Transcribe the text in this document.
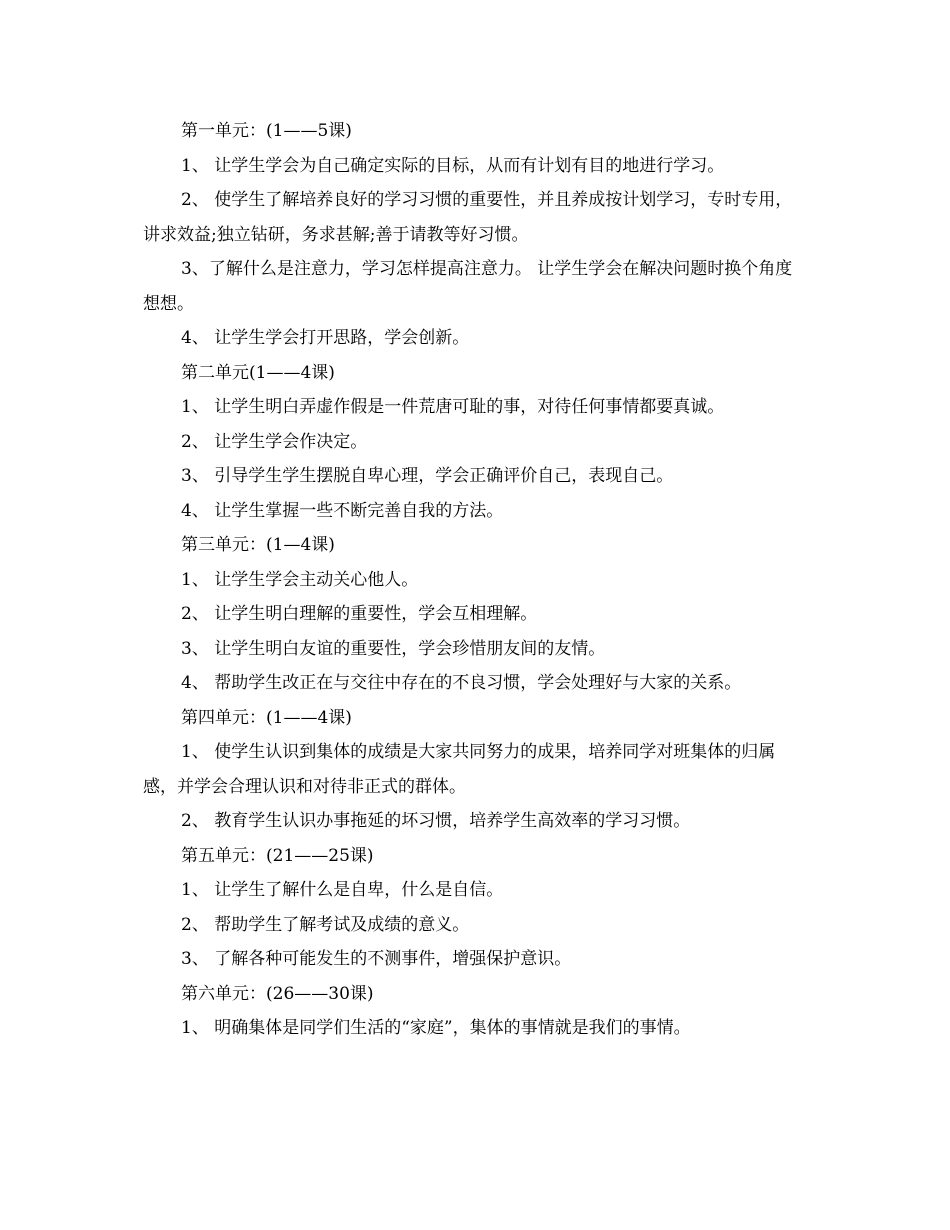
第一单元：(1——5课)

1、 让学生学会为自己确定实际的目标，从而有计划有目的地进行学习。

2、 使学生了解培养良好的学习习惯的重要性，并且养成按计划学习，专时专用，讲求效益;独立钻研，务求甚解;善于请教等好习惯。

3、了解什么是注意力，学习怎样提高注意力。 让学生学会在解决问题时换个角度想想。

4、 让学生学会打开思路，学会创新。

第二单元(1——4课)

1、 让学生明白弄虚作假是一件荒唐可耻的事，对待任何事情都要真诚。

2、 让学生学会作决定。

3、 引导学生学生摆脱自卑心理，学会正确评价自己，表现自己。

4、 让学生掌握一些不断完善自我的方法。

第三单元：(1—4课)

1、 让学生学会主动关心他人。

2、 让学生明白理解的重要性，学会互相理解。

3、 让学生明白友谊的重要性，学会珍惜朋友间的友情。

4、 帮助学生改正在与交往中存在的不良习惯，学会处理好与大家的关系。

第四单元：(1——4课)

1、 使学生认识到集体的成绩是大家共同努力的成果，培养同学对班集体的归属感，并学会合理认识和对待非正式的群体。

2、 教育学生认识办事拖延的坏习惯，培养学生高效率的学习习惯。

第五单元：(21——25课)

1、 让学生了解什么是自卑，什么是自信。

2、 帮助学生了解考试及成绩的意义。

3、 了解各种可能发生的不测事件，增强保护意识。

第六单元：(26——30课)

1、 明确集体是同学们生活的“家庭”，集体的事情就是我们的事情。
